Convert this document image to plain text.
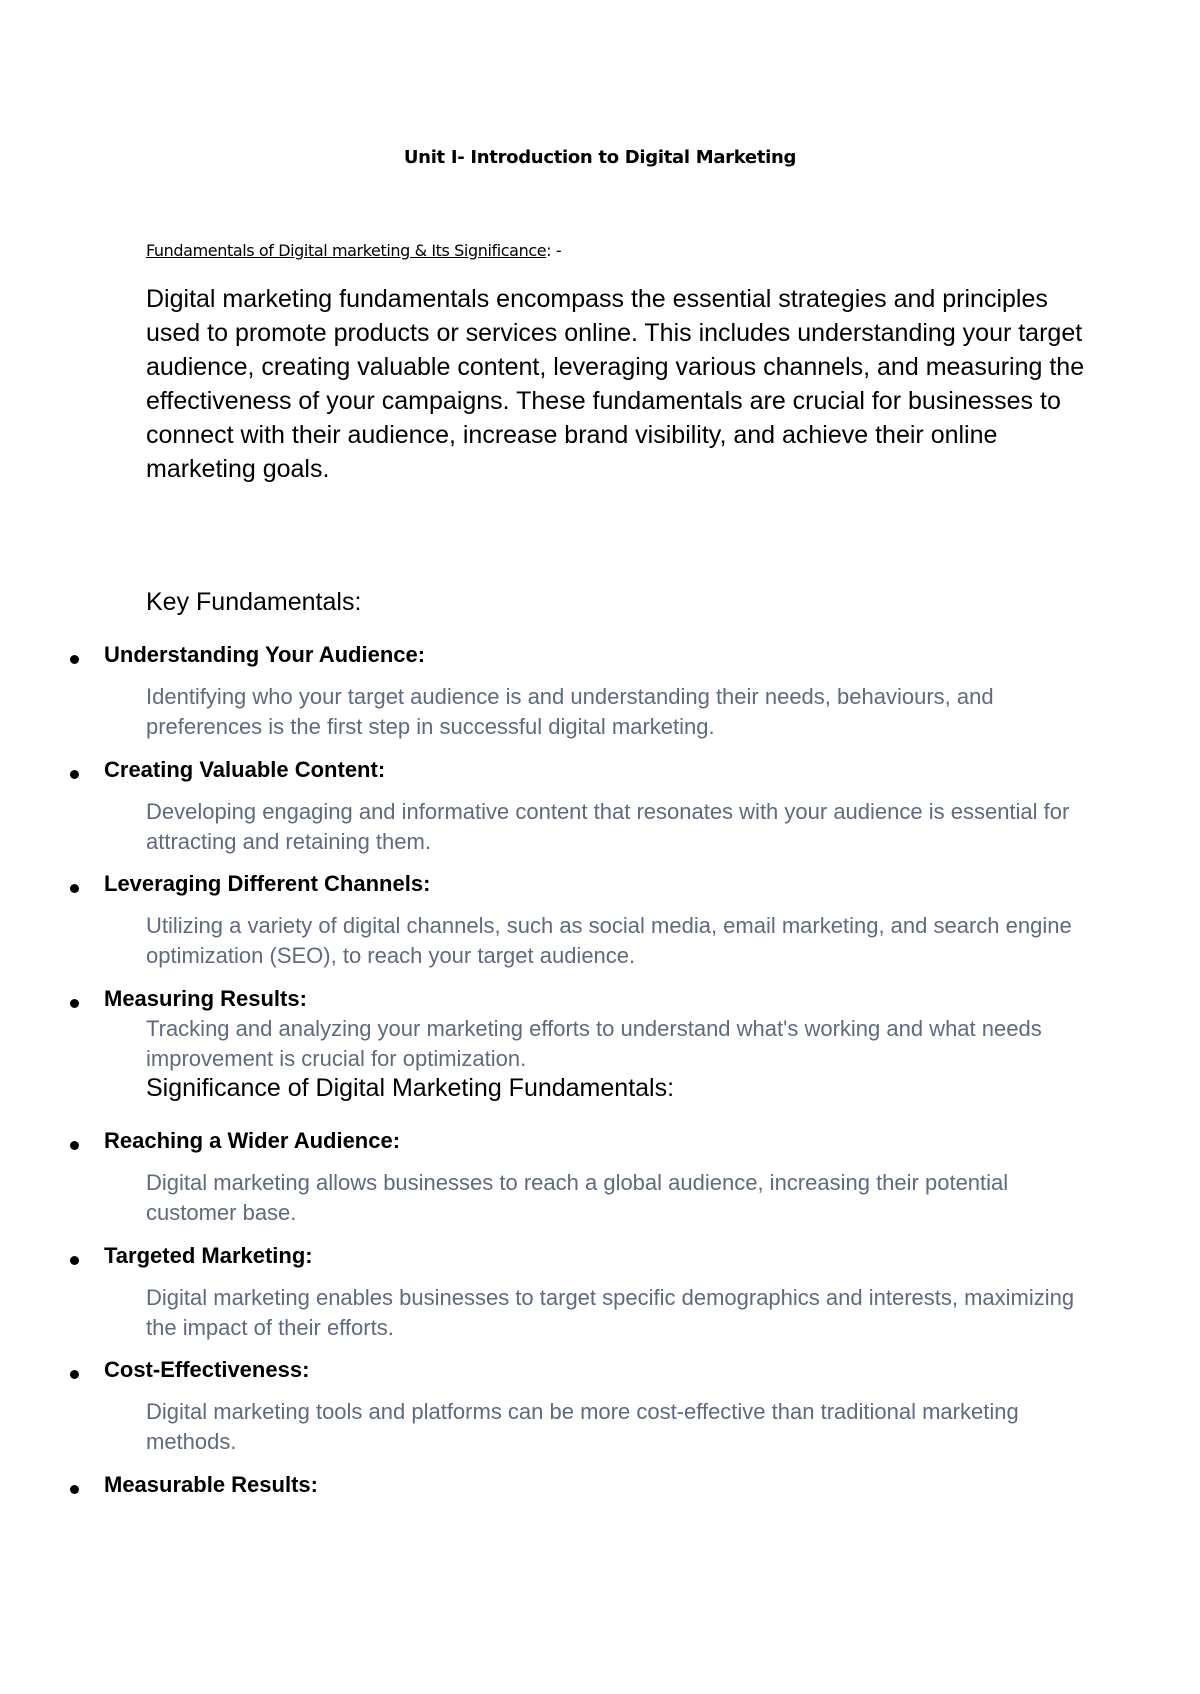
Unit I- Introduction to Digital Marketing
Fundamentals of Digital marketing & Its Significance: -

Digital marketing fundamentals encompass the essential strategies and principles used to promote products or services online. This includes understanding your target audience, creating valuable content, leveraging various channels, and measuring the effectiveness of your campaigns. These fundamentals are crucial for businesses to connect with their audience, increase brand visibility, and achieve their online marketing goals.

Key Fundamentals:
Understanding Your Audience:

Identifying who your target audience is and understanding their needs, behaviours, and preferences is the first step in successful digital marketing.

Creating Valuable Content:

Developing engaging and informative content that resonates with your audience is essential for attracting and retaining them.

Leveraging Different Channels:

Utilizing a variety of digital channels, such as social media, email marketing, and search engine optimization (SEO), to reach your target audience.

Measuring Results:

Tracking and analyzing your marketing efforts to understand what's working and what needs improvement is crucial for optimization.

Significance of Digital Marketing Fundamentals:
Reaching a Wider Audience:

Digital marketing allows businesses to reach a global audience, increasing their potential customer base.

Targeted Marketing:

Digital marketing enables businesses to target specific demographics and interests, maximizing the impact of their efforts.

Cost-Effectiveness:

Digital marketing tools and platforms can be more cost-effective than traditional marketing methods.

Measurable Results:
